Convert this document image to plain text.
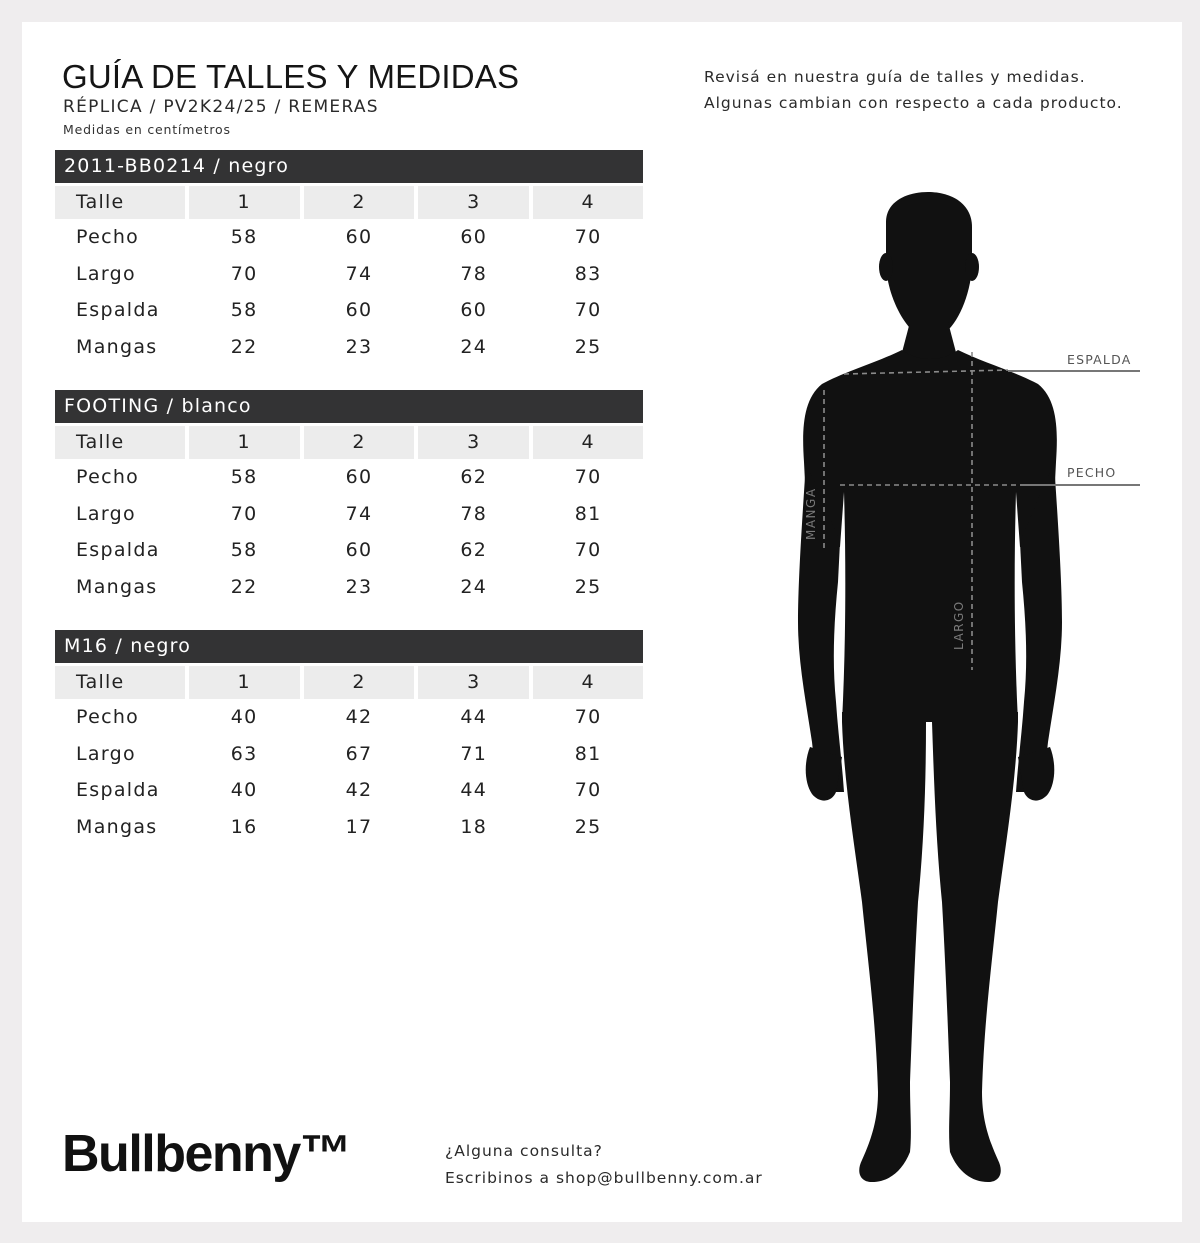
GUÍA DE TALLES Y MEDIDAS
RÉPLICA / PV2K24/25 / REMERAS
Medidas en centímetros
Revisá en nuestra guía de talles y medidas.
Algunas cambian con respecto a cada producto.
2011-BB0214 / negro
Talle	1	2	3	4
Pecho	58	60	60	70
Largo	70	74	78	83
Espalda	58	60	60	70
Mangas	22	23	24	25
FOOTING / blanco
Talle	1	2	3	4
Pecho	58	60	62	70
Largo	70	74	78	81
Espalda	58	60	62	70
Mangas	22	23	24	25
M16 / negro
Talle	1	2	3	4
Pecho	40	42	44	70
Largo	63	67	71	81
Espalda	40	42	44	70
Mangas	16	17	18	25
ESPALDA
PECHO
MANGA
LARGO
Bullbenny™	¿Alguna consulta?
Escribinos a shop@bullbenny.com.ar
